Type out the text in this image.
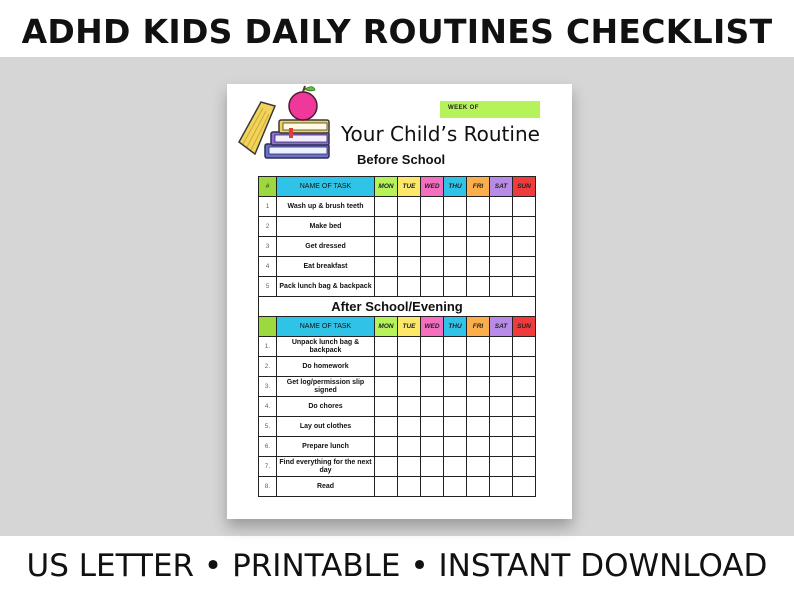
ADHD KIDS DAILY ROUTINES CHECKLIST
WEEK OF
Your Child’s Routine
Before School
#	NAME OF TASK	MON	TUE	WED	THU	FRI	SAT	SUN
1	Wash up & brush teeth							
2	Make bed							
3	Get dressed							
4	Eat breakfast							
5	Pack lunch bag & backpack							
After School/Evening								
	NAME OF TASK	MON	TUE	WED	THU	FRI	SAT	SUN
1.	Unpack lunch bag & backpack							
2.	Do homework							
3.	Get log/permission slip signed							
4.	Do chores							
5.	Lay out clothes							
6.	Prepare lunch							
7.	Find everything for the next day							
8.	Read							
US LETTER • PRINTABLE • INSTANT DOWNLOAD
